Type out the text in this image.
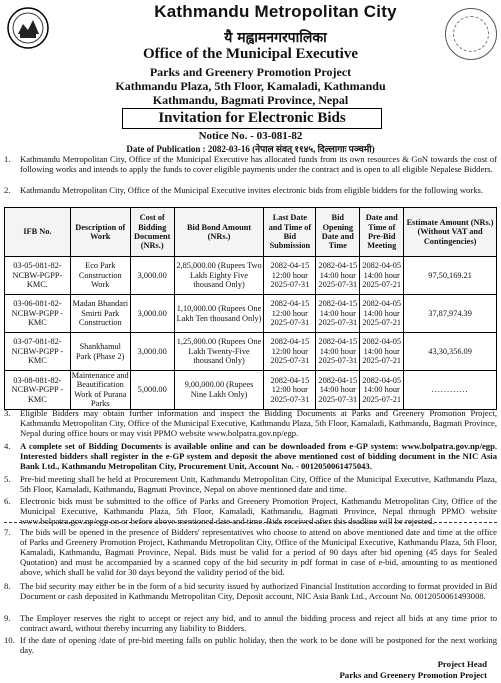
Kathmandu Metropolitan City
यै मह्वामनगरपालिका
Office of the Municipal Executive
Parks and Greenery Promotion Project
Kathmandu Plaza, 5th Floor, Kamaladi, Kathmandu
Kathmandu, Bagmati Province, Nepal
Invitation for Electronic Bids
Notice No. - 03-081-82
Date of Publication : 2082-03-16 (नेपाल संवत् ११४५, दिल्लागाः पञ्चमी)
1.	Kathmandu Metropolitan City, Office of the Municipal Executive has allocated funds from its own resources & GoN towards the cost of following works and intends to apply the funds to cover eligible payments under the contract and is open to all eligible Nepalese Bidders.
2.	Kathmandu Metropolitan City, Office of the Municipal Executive invites electronic bids from eligible bidders for the following works.
IFB No.	Description of Work	Cost of Bidding Document (NRs.)	Bid Bond Amount (NRs.)	Last Date and Time of Bid Submission	Bid Opening Date and Time	Date and Time of Pre-Bid Meeting	Estimate Amount (NRs.) (Without VAT and Contingencies)
03-05-081-82-NCBW-PGPP-KMC.	Eco Park Construction Work	3,000.00	2,85,000.00 (Rupees Two Lakh Eighty Five thousand Only)	2082-04-15 12:00 hour 2025-07-31	2082-04-15 14:00 hour 2025-07-31	2082-04-05 14:00 hour 2025-07-21	97,50,169.21
03-06-081-82-NCBW-PGPP -KMC	Madan Bhandari Smirti Park Construction	3,000.00	1,10,000.00 (Rupees One Lakh Ten thousand Only)	2082-04-15 12:00 hour 2025-07-31	2082-04-15 14:00 hour 2025-07-31	2082-04-05 14:00 hour 2025-07-21	37,87,974.39
03-07-081-82-NCBW-PGPP -KMC	Shankhamul Park (Phase 2)	3,000.00	1,25,000.00 (Rupees One Lakh Twenty-Five thousand Only)	2082-04-15 12:00 hour 2025-07-31	2082-04-15 14:00 hour 2025-07-31	2082-04-05 14:00 hour 2025-07-21	43,30,356.09
03-08-081-82-NCBW-PGPP -KMC	Maintenance and Beautification Work of Purana Parks	5,000.00	9,00,000.00 (Rupees Nine Lakh Only)	2082-04-15 12:00 hour 2025-07-31	2082-04-15 14:00 hour 2025-07-31	2082-04-05 14:00 hour 2025-07-21	............
3.	Eligible Bidders may obtain further information and inspect the Bidding Documents at Parks and Greenery Promotion Project, Kathmandu Metropolitan City, Office of the Municipal Executive, Kathmandu Plaza, 5th Floor, Kamaladi, Kathmandu, Bagmati Province, Nepal during office hours or may visit PPMO website www.bolpatra.gov.np/egp.
4.	A complete set of Bidding Documents is available online and can be downloaded from e-GP system: www.bolpatra.gov.np/egp. Interested bidders shall register in the e-GP system and deposit the above mentioned cost of bidding document in the NIC Asia Bank Ltd., Kathmandu Metropolitan City, Procurement Unit, Account No. - 0012050061475043.
5.	Pre-bid meeting shall be held at Procurement Unit, Kathmandu Metropolitan City, Office of the Municipal Executive, Kathmandu Plaza, 5th Floor, Kamaladi, Kathmandu, Bagmati Province, Nepal on above mentioned date and time.
6.	Electronic bids must be submitted to the office of Parks and Greenery Promotion Project, Kathmandu Metropolitan City, Office of the Municipal Executive, Kathmandu Plaza, 5th Floor, Kamaladi, Kathmandu, Bagmati Province, Nepal through PPMO website www.bolpatra.gov.np/egp on or before above mentioned date and time. Bids received after this deadline will be rejected.
7.	The bids will be opened in the presence of Bidders' representatives who choose to attend on above mentioned date and time at the office of Parks and Greenery Promotion Project, Kathmandu Metropolitan City, Office of the Municipal Executive, Kathmandu Plaza, 5th Floor, Kamaladi, Kathmandu, Bagmati Province, Nepal. Bids must be valid for a period of 90 days after bid opening (45 days for Sealed Quotation) and must be accompanied by a scanned copy of the bid security in pdf format in case of e-bid, amounting to as mentioned above, which shall be valid for 30 days beyond the validity period of the bid.
8.	The bid security may either be in the form of a bid security issued by authorized Financial Institution according to format provided in Bid Document or cash deposited in Kathmandu Metropolitan City, Deposit account, NIC Asia Bank Ltd., Account No. 0012050061493008.
9.	The Employer reserves the right to accept or reject any bid, and to annul the bidding process and reject all bids at any time prior to contract award, without thereby incurring any liability to Bidders.
10. If the date of opening /date of pre-bid meeting falls on public holiday, then the work to be done will be postponed for the next working day.
Project Head
Parks and Greenery Promotion Project
